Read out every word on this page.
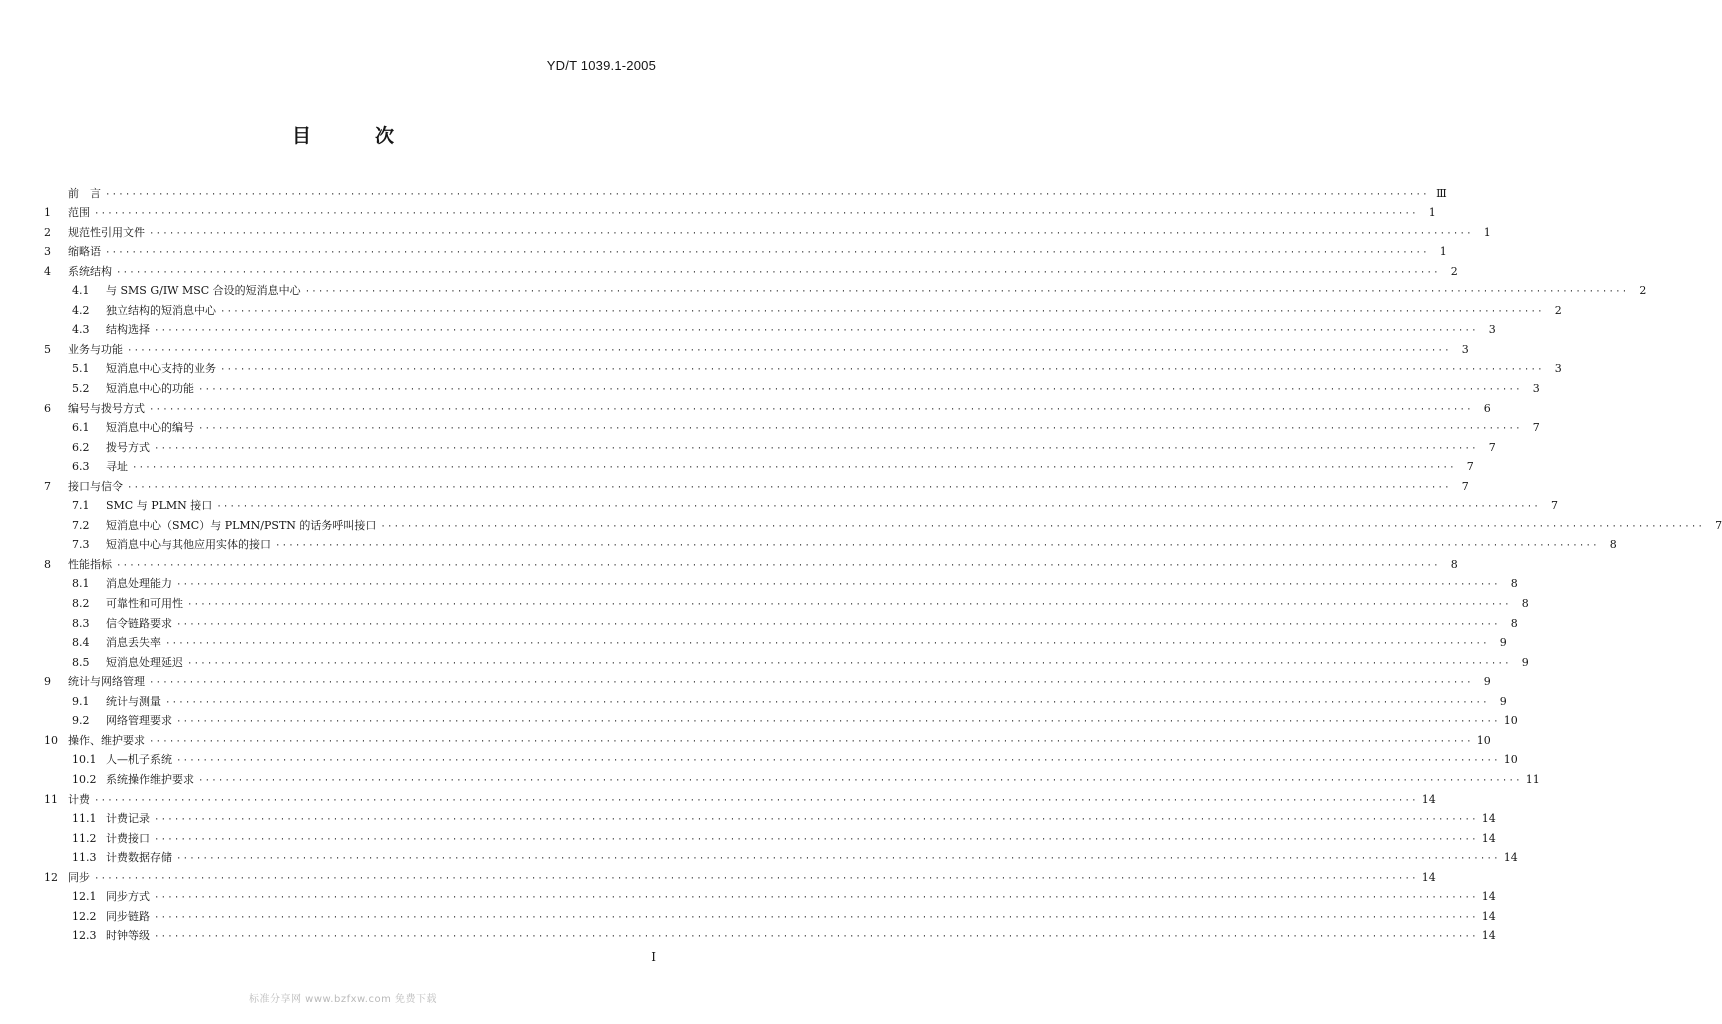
YD/T 1039.1-2005
目	次
前　言 ········································································································································································································ Ⅲ
1	范围 ········································································································································································································	1
2	规范性引用文件 ········································································································································································································	1
3	缩略语 ········································································································································································································	1
4	系统结构 ········································································································································································································	2
4.1	与 SMS G/IW MSC 合设的短消息中心 ········································································································································································································	2
4.2	独立结构的短消息中心 ········································································································································································································	2
4.3	结构选择 ········································································································································································································	3
5	业务与功能 ········································································································································································································	3
5.1	短消息中心支持的业务 ········································································································································································································	3
5.2	短消息中心的功能 ········································································································································································································	3
6	编号与拨号方式 ········································································································································································································	6
6.1	短消息中心的编号 ········································································································································································································	7
6.2	拨号方式 ········································································································································································································	7
6.3	寻址 ········································································································································································································	7
7	接口与信令 ········································································································································································································	7
7.1	SMC 与 PLMN 接口 ········································································································································································································	7
7.2	短消息中心（SMC）与 PLMN/PSTN 的话务呼叫接口 ········································································································································································································	7
7.3	短消息中心与其他应用实体的接口 ········································································································································································································	8
8	性能指标 ········································································································································································································	8
8.1	消息处理能力 ········································································································································································································	8
8.2	可靠性和可用性 ········································································································································································································	8
8.3	信令链路要求 ········································································································································································································	8
8.4	消息丢失率 ········································································································································································································	9
8.5	短消息处理延迟 ········································································································································································································	9
9	统计与网络管理 ········································································································································································································	9
9.1	统计与测量 ········································································································································································································	9
9.2	网络管理要求 ········································································································································································································ 10
10 操作、维护要求 ········································································································································································································ 10
10.1 人—机子系统 ········································································································································································································ 10
10.2 系统操作维护要求 ········································································································································································································ 11
11 计费 ········································································································································································································ 14
11.1 计费记录 ········································································································································································································ 14
11.2 计费接口 ········································································································································································································ 14
11.3 计费数据存储 ········································································································································································································ 14
12 同步 ········································································································································································································ 14
12.1 同步方式 ········································································································································································································ 14
12.2 同步链路 ········································································································································································································ 14
12.3 时钟等级 ········································································································································································································ 14
Ⅰ
标准分享网 www.bzfxw.com 免费下载
